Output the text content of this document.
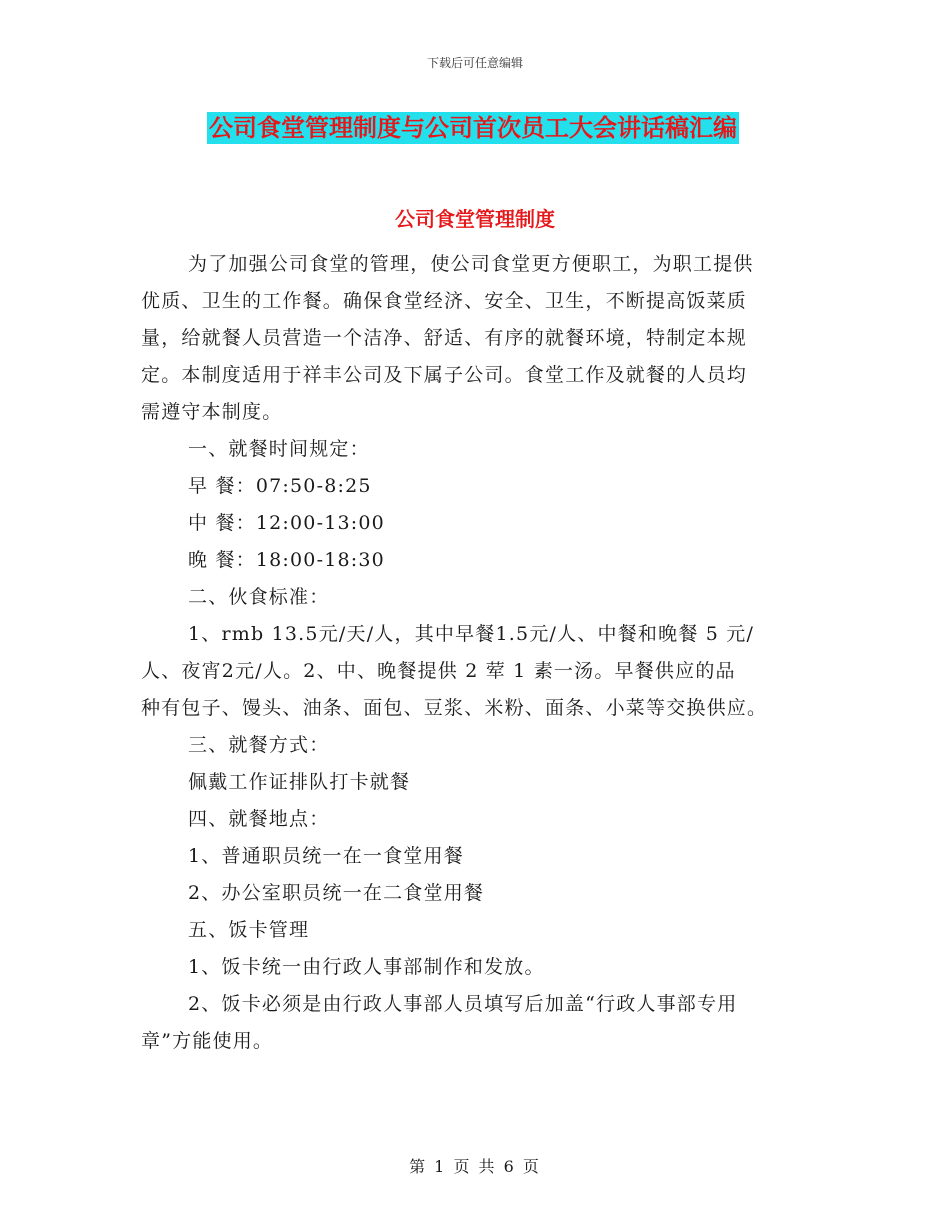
下载后可任意编辑
公司食堂管理制度与公司首次员工大会讲话稿汇编
公司食堂管理制度
为了加强公司食堂的管理，使公司食堂更方便职工，为职工提供
优质、卫生的工作餐。确保食堂经济、安全、卫生，不断提高饭菜质
量，给就餐人员营造一个洁净、舒适、有序的就餐环境，特制定本规
定。本制度适用于祥丰公司及下属子公司。食堂工作及就餐的人员均
需遵守本制度。
一、就餐时间规定：
早 餐：07:50-8:25
中 餐：12:00-13:00
晚 餐：18:00-18:30
二、伙食标准：
1、rmb 13.5元/天/人，其中早餐1.5元/人、中餐和晚餐 5 元/
人、夜宵2元/人。2、中、晚餐提供 2 荤 1 素一汤。早餐供应的品
种有包子、馒头、油条、面包、豆浆、米粉、面条、小菜等交换供应。
三、就餐方式：
佩戴工作证排队打卡就餐
四、就餐地点：
1、普通职员统一在一食堂用餐
2、办公室职员统一在二食堂用餐
五、饭卡管理
1、饭卡统一由行政人事部制作和发放。
2、饭卡必须是由行政人事部人员填写后加盖“行政人事部专用
章”方能使用。
第 1 页 共 6 页
